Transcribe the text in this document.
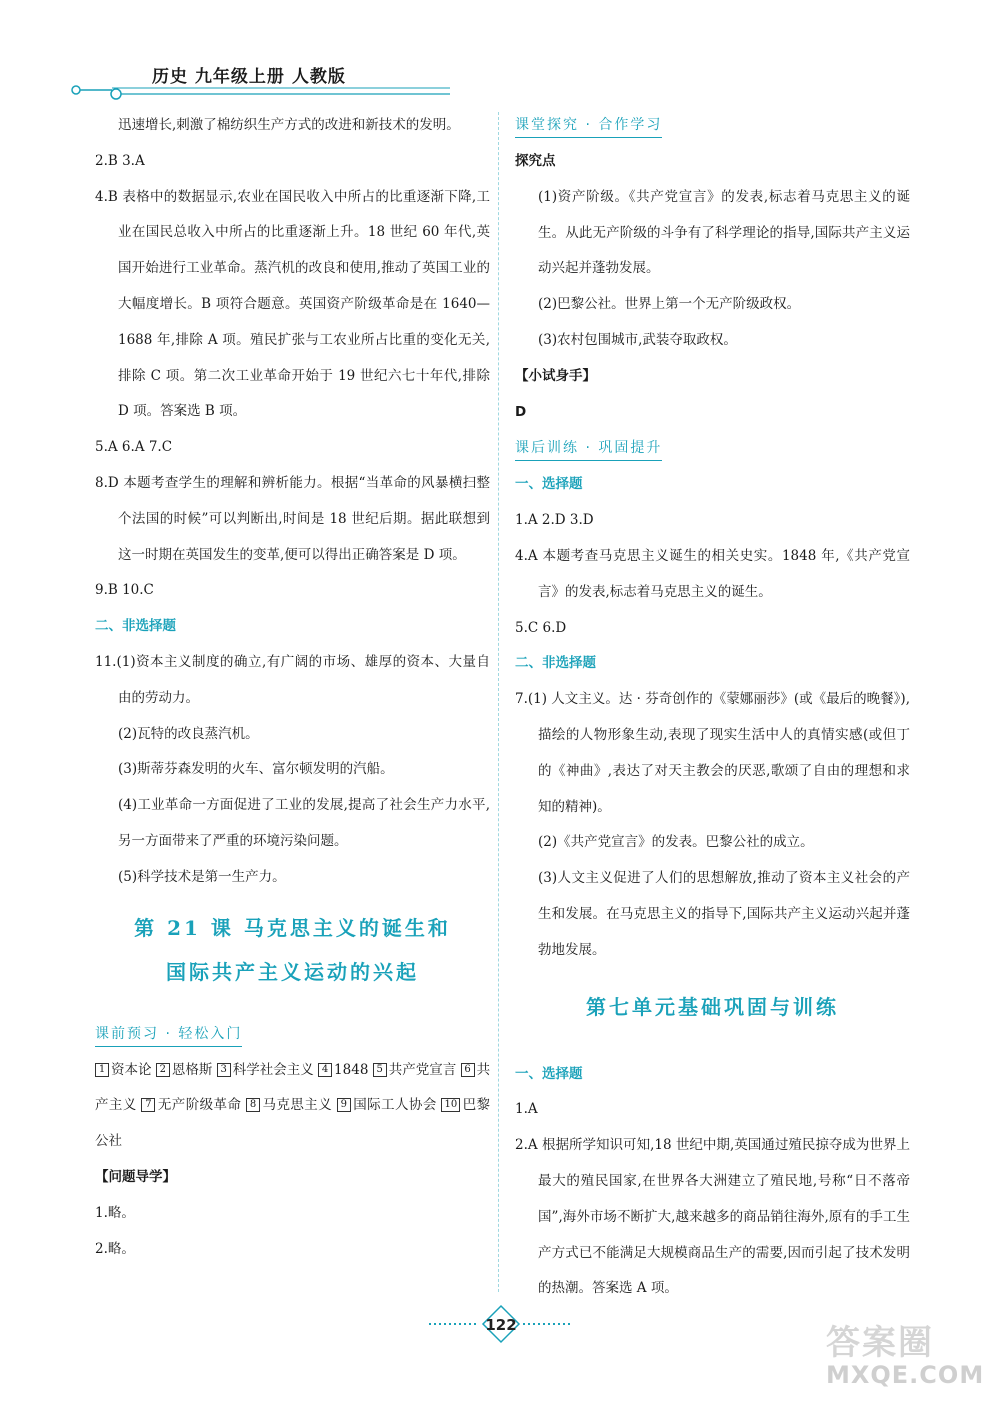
历史 九年级上册 人教版

迅速增长,刺激了棉纺织生产方式的改进和新技术的发明。

2.B 3.A

4.B 表格中的数据显示,农业在国民收入中所占的比重逐渐下降,工业在国民总收入中所占的比重逐渐上升。18 世纪 60 年代,英国开始进行工业革命。蒸汽机的改良和使用,推动了英国工业的大幅度增长。B 项符合题意。英国资产阶级革命是在 1640—1688 年,排除 A 项。殖民扩张与工农业所占比重的变化无关,排除 C 项。第二次工业革命开始于 19 世纪六七十年代,排除 D 项。答案选 B 项。

5.A 6.A 7.C

8.D 本题考查学生的理解和辨析能力。根据“当革命的风暴横扫整个法国的时候”可以判断出,时间是 18 世纪后期。据此联想到这一时期在英国发生的变革,便可以得出正确答案是 D 项。

9.B 10.C

二、非选择题

11.(1)资本主义制度的确立,有广阔的市场、雄厚的资本、大量自由的劳动力。

(2)瓦特的改良蒸汽机。

(3)斯蒂芬森发明的火车、富尔顿发明的汽船。

(4)工业革命一方面促进了工业的发展,提高了社会生产力水平,另一方面带来了严重的环境污染问题。

(5)科学技术是第一生产力。

第 21 课 马克思主义的诞生和
国际共产主义运动的兴起
课前预习 · 轻松入门

1 资本论 2 恩格斯 3 科学社会主义 4 1848 5 共产党宣言 6 共产主义 7 无产阶级革命 8 马克思主义 9 国际工人协会 10 巴黎公社

【问题导学】

1.略。

2.略。

课堂探究 · 合作学习

探究点

(1)资产阶级。《共产党宣言》的发表,标志着马克思主义的诞生。从此无产阶级的斗争有了科学理论的指导,国际共产主义运动兴起并蓬勃发展。

(2)巴黎公社。世界上第一个无产阶级政权。

(3)农村包围城市,武装夺取政权。

【小试身手】

D

课后训练 · 巩固提升

一、选择题

1.A 2.D 3.D

4.A 本题考查马克思主义诞生的相关史实。1848 年,《共产党宣言》的发表,标志着马克思主义的诞生。

5.C 6.D

二、非选择题

7.(1) 人文主义。达 · 芬奇创作的《蒙娜丽莎》(或《最后的晚餐》),描绘的人物形象生动,表现了现实生活中人的真情实感(或但丁的《神曲》,表达了对天主教会的厌恶,歌颂了自由的理想和求知的精神)。

(2)《共产党宣言》的发表。巴黎公社的成立。

(3)人文主义促进了人们的思想解放,推动了资本主义社会的产生和发展。在马克思主义的指导下,国际共产主义运动兴起并蓬勃地发展。

第七单元基础巩固与训练

一、选择题

1.A

2.A 根据所学知识可知,18 世纪中期,英国通过殖民掠夺成为世界上最大的殖民国家,在世界各大洲建立了殖民地,号称“日不落帝国”,海外市场不断扩大,越来越多的商品销往海外,原有的手工生产方式已不能满足大规模商品生产的需要,因而引起了技术发明的热潮。答案选 A 项。

122	答案圈
MXQE.COM
